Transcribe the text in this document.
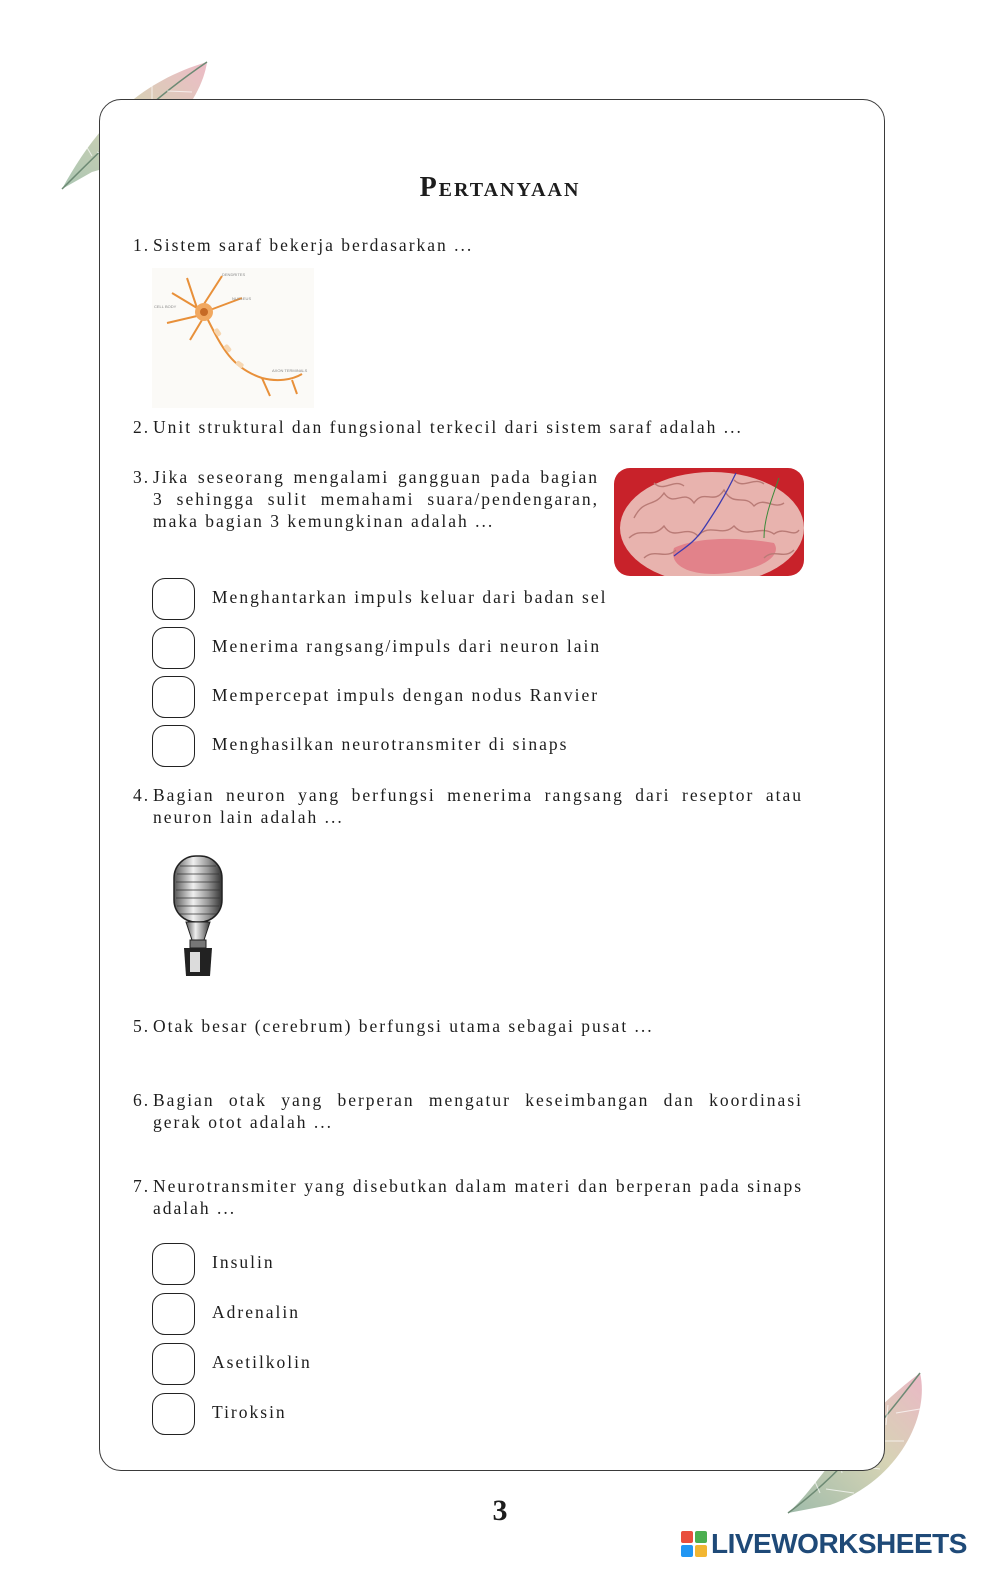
Pertanyaan
1. Sistem saraf bekerja berdasarkan ...
DENDRITES
NUCLEUS
CELL BODY
AXON TERMINALS
2. Unit struktural dan fungsional terkecil dari sistem saraf adalah ...
3. Jika seseorang mengalami gangguan pada bagian 3 sehingga sulit memahami suara/pendengaran, maka bagian 3 kemungkinan adalah ...
Menghantarkan impuls keluar dari badan sel
Menerima rangsang/impuls dari neuron lain
Mempercepat impuls dengan nodus Ranvier
Menghasilkan neurotransmiter di sinaps
4. Bagian neuron yang berfungsi menerima rangsang dari reseptor atau neuron lain adalah ...
5. Otak besar (cerebrum) berfungsi utama sebagai pusat ...
6. Bagian otak yang berperan mengatur keseimbangan dan koordinasi gerak otot adalah ...
7. Neurotransmiter yang disebutkan dalam materi dan berperan pada sinaps adalah ...
Insulin
Adrenalin
Asetilkolin
Tiroksin
3
LIVEWORKSHEETS
